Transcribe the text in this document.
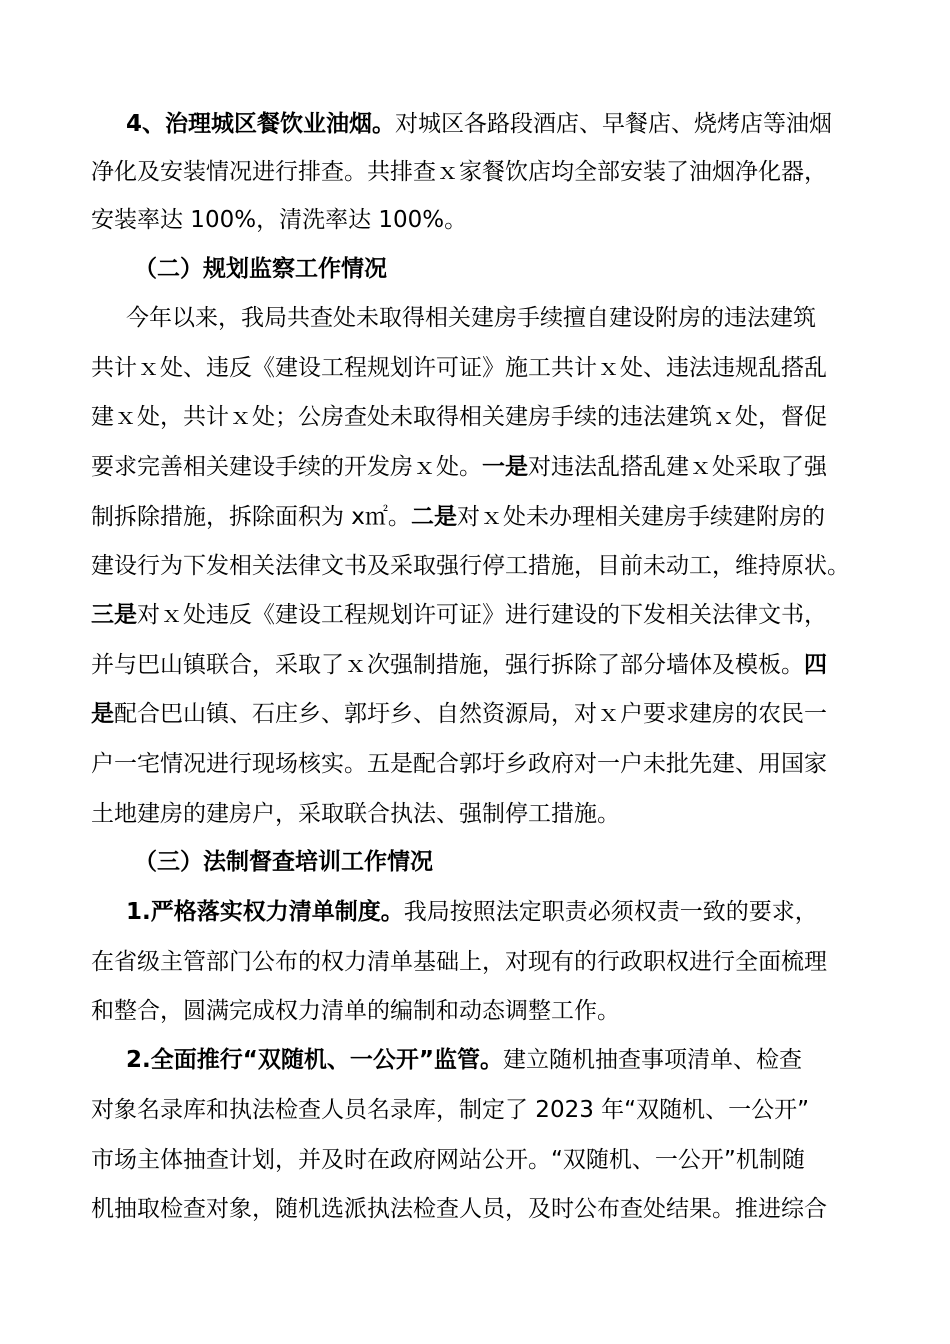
4、治理城区餐饮业油烟。对城区各路段酒店、早餐店、烧烤店等油烟
净化及安装情况进行排查。共排查ｘ家餐饮店均全部安装了油烟净化器，
安装率达 100%，清洗率达 100%。
（二）规划监察工作情况
今年以来，我局共查处未取得相关建房手续擅自建设附房的违法建筑
共计ｘ处、违反《建设工程规划许可证》施工共计ｘ处、违法违规乱搭乱
建ｘ处，共计ｘ处；公房查处未取得相关建房手续的违法建筑ｘ处，督促
要求完善相关建设手续的开发房ｘ处。一是对违法乱搭乱建ｘ处采取了强
制拆除措施，拆除面积为 x㎡。二是对ｘ处未办理相关建房手续建附房的
建设行为下发相关法律文书及采取强行停工措施，目前未动工，维持原状。
三是对ｘ处违反《建设工程规划许可证》进行建设的下发相关法律文书，
并与巴山镇联合，采取了ｘ次强制措施，强行拆除了部分墙体及模板。四
是配合巴山镇、石庄乡、郭圩乡、自然资源局，对ｘ户要求建房的农民一
户一宅情况进行现场核实。五是配合郭圩乡政府对一户未批先建、用国家
土地建房的建房户，采取联合执法、强制停工措施。
（三）法制督查培训工作情况
1.严格落实权力清单制度。我局按照法定职责必须权责一致的要求，
在省级主管部门公布的权力清单基础上，对现有的行政职权进行全面梳理
和整合，圆满完成权力清单的编制和动态调整工作。
2.全面推行“双随机、一公开”监管。建立随机抽查事项清单、检查
对象名录库和执法检查人员名录库，制定了 2023 年“双随机、一公开”
市场主体抽查计划，并及时在政府网站公开。“双随机、一公开”机制随
机抽取检查对象，随机选派执法检查人员，及时公布查处结果。推进综合
